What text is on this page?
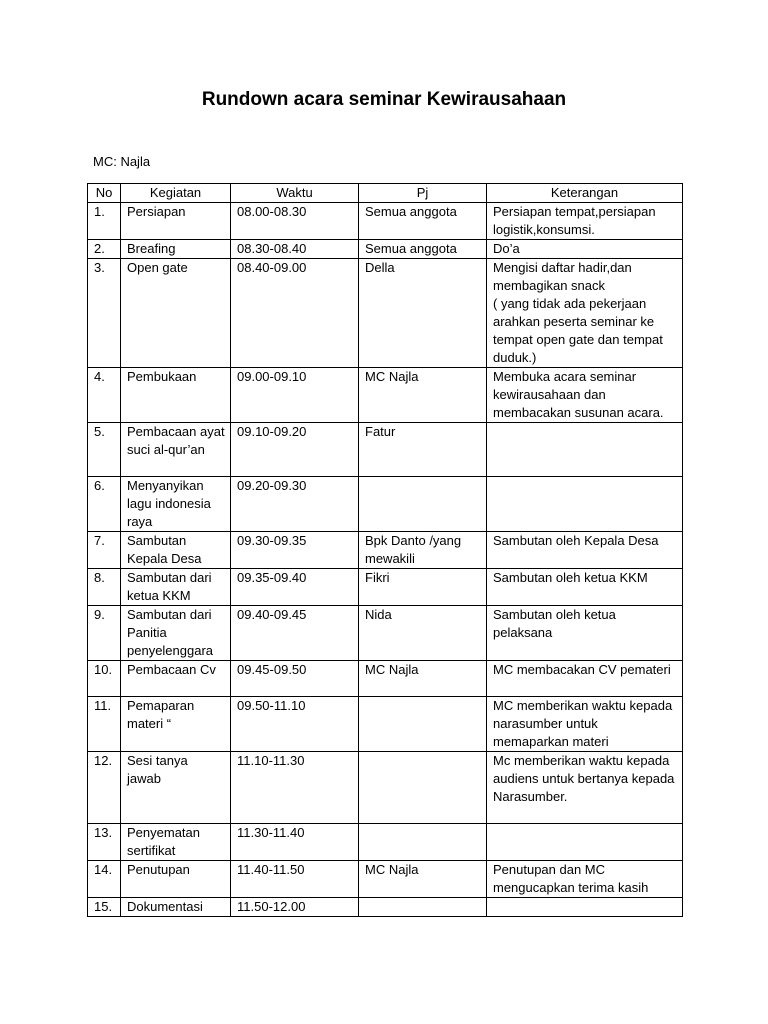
Rundown acara seminar Kewirausahaan
MC: Najla
No	Kegiatan	Waktu	Pj	Keterangan
1.	Persiapan	08.00-08.30	Semua anggota	Persiapan tempat,persiapan logistik,konsumsi.
2.	Breafing	08.30-08.40	Semua anggota	Do’a
3.	Open gate	08.40-09.00	Della	Mengisi daftar hadir,dan membagikan snack
( yang tidak ada pekerjaan arahkan peserta seminar ke tempat open gate dan tempat duduk.)
4.	Pembukaan	09.00-09.10	MC Najla	Membuka acara seminar kewirausahaan dan membacakan susunan acara.
5.	Pembacaan ayat suci al-qur’an	09.10-09.20	Fatur	
6.	Menyanyikan lagu indonesia raya	09.20-09.30		
7.	Sambutan Kepala Desa	09.30-09.35	Bpk Danto /yang mewakili	Sambutan oleh Kepala Desa
8.	Sambutan dari ketua KKM	09.35-09.40	Fikri	Sambutan oleh ketua KKM
9.	Sambutan dari Panitia penyelenggara	09.40-09.45	Nida	Sambutan oleh ketua pelaksana
10.	Pembacaan Cv	09.45-09.50	MC Najla	MC membacakan CV pemateri
11.	Pemaparan materi “	09.50-11.10		MC memberikan waktu kepada narasumber untuk memaparkan materi
12.	Sesi tanya jawab	11.10-11.30		Mc memberikan waktu kepada audiens untuk bertanya kepada Narasumber.
13.	Penyematan sertifikat	11.30-11.40		
14.	Penutupan	11.40-11.50	MC Najla	Penutupan dan MC mengucapkan terima kasih
15.	Dokumentasi	11.50-12.00		
